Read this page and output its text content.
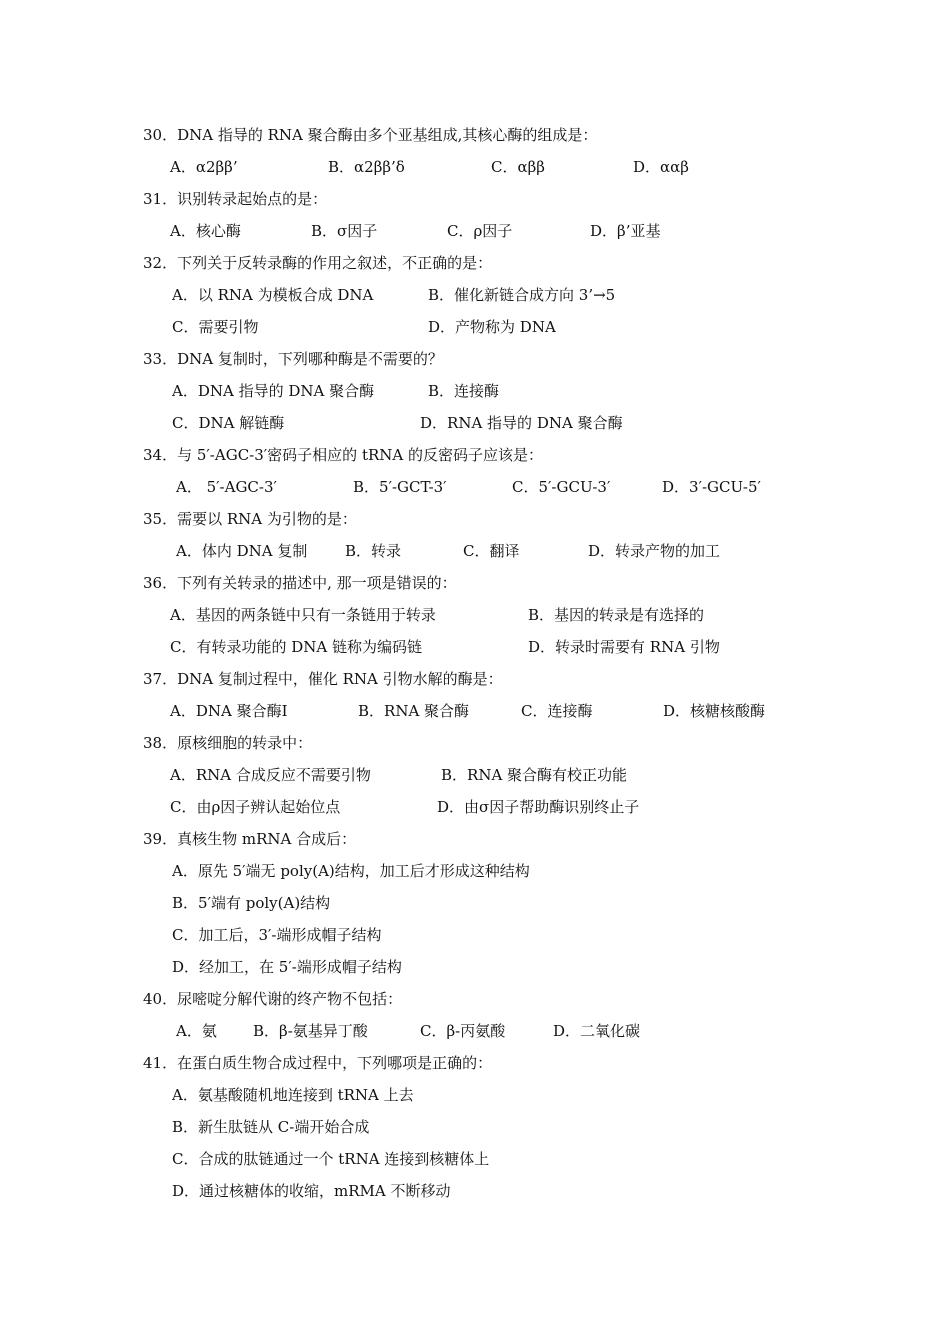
30．DNA 指导的 RNA 聚合酶由多个亚基组成,其核心酶的组成是：
A．α2ββ’	B．α2ββ’δ	C．αββ	D．ααβ
31．识别转录起始点的是：
A．核心酶	B．σ因子	C．ρ因子	D．β’亚基
32．下列关于反转录酶的作用之叙述，不正确的是：
A．以 RNA 为模板合成 DNA	B．催化新链合成方向 3’→5
C．需要引物	D．产物称为 DNA
33．DNA 复制时，下列哪种酶是不需要的？
A．DNA 指导的 DNA 聚合酶	B．连接酶
C．DNA 解链酶	D．RNA 指导的 DNA 聚合酶
34．与 5′-AGC-3′密码子相应的 tRNA 的反密码子应该是：
A． 5′-AGC-3′	B．5′-GCT-3′	C．5′-GCU-3′	D．3′-GCU-5′
35．需要以 RNA 为引物的是：
A．体内 DNA 复制	B．转录	C．翻译	D．转录产物的加工
36．下列有关转录的描述中, 那一项是错误的：
A．基因的两条链中只有一条链用于转录	B．基因的转录是有选择的
C．有转录功能的 DNA 链称为编码链	D．转录时需要有 RNA 引物
37．DNA 复制过程中，催化 RNA 引物水解的酶是：
A．DNA 聚合酶Ⅰ	B．RNA 聚合酶	C．连接酶	D．核糖核酸酶
38．原核细胞的转录中：
A．RNA 合成反应不需要引物	B．RNA 聚合酶有校正功能
C．由ρ因子辨认起始位点	D．由σ因子帮助酶识别终止子
39．真核生物 mRNA 合成后：
A．原先 5′端无 poly(A)结构，加工后才形成这种结构
B．5′端有 poly(A)结构
C．加工后，3′-端形成帽子结构
D．经加工，在 5′-端形成帽子结构
40．尿嘧啶分解代谢的终产物不包括：
A．氨 B．β-氨基异丁酸	C．β-丙氨酸	D．二氧化碳
41．在蛋白质生物合成过程中，下列哪项是正确的：
A．氨基酸随机地连接到 tRNA 上去
B．新生肽链从 C-端开始合成
C．合成的肽链通过一个 tRNA 连接到核糖体上
D．通过核糖体的收缩，mRMA 不断移动
